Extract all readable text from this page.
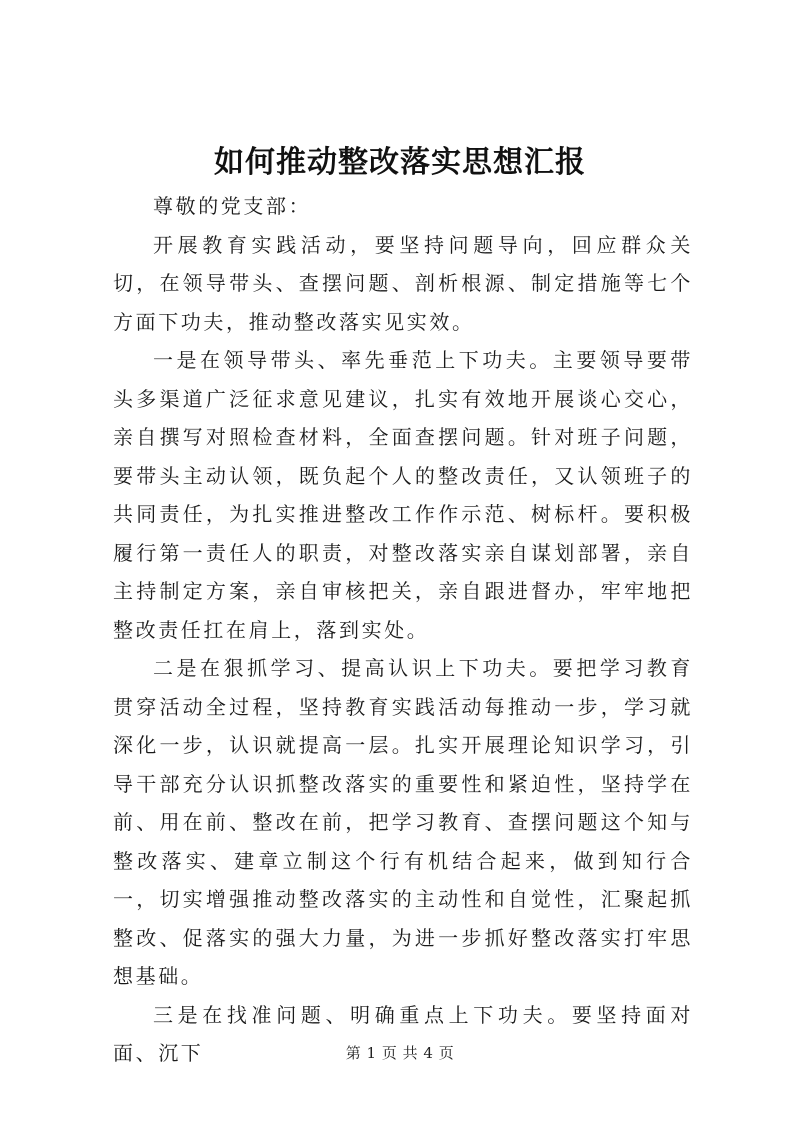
如何推动整改落实思想汇报

尊敬的党支部：

开展教育实践活动，要坚持问题导向，回应群众关切，在领导带头、查摆问题、剖析根源、制定措施等七个方面下功夫，推动整改落实见实效。

一是在领导带头、率先垂范上下功夫。主要领导要带头多渠道广泛征求意见建议，扎实有效地开展谈心交心，亲自撰写对照检查材料，全面查摆问题。针对班子问题，要带头主动认领，既负起个人的整改责任，又认领班子的共同责任，为扎实推进整改工作作示范、树标杆。要积极履行第一责任人的职责，对整改落实亲自谋划部署，亲自主持制定方案，亲自审核把关，亲自跟进督办，牢牢地把整改责任扛在肩上，落到实处。

二是在狠抓学习、提高认识上下功夫。要把学习教育贯穿活动全过程，坚持教育实践活动每推动一步，学习就深化一步，认识就提高一层。扎实开展理论知识学习，引导干部充分认识抓整改落实的重要性和紧迫性，坚持学在前、用在前、整改在前，把学习教育、查摆问题这个知与整改落实、建章立制这个行有机结合起来，做到知行合一，切实增强推动整改落实的主动性和自觉性，汇聚起抓整改、促落实的强大力量，为进一步抓好整改落实打牢思想基础。

三是在找准问题、明确重点上下功夫。要坚持面对面、沉下	第 1 页 共 4 页
